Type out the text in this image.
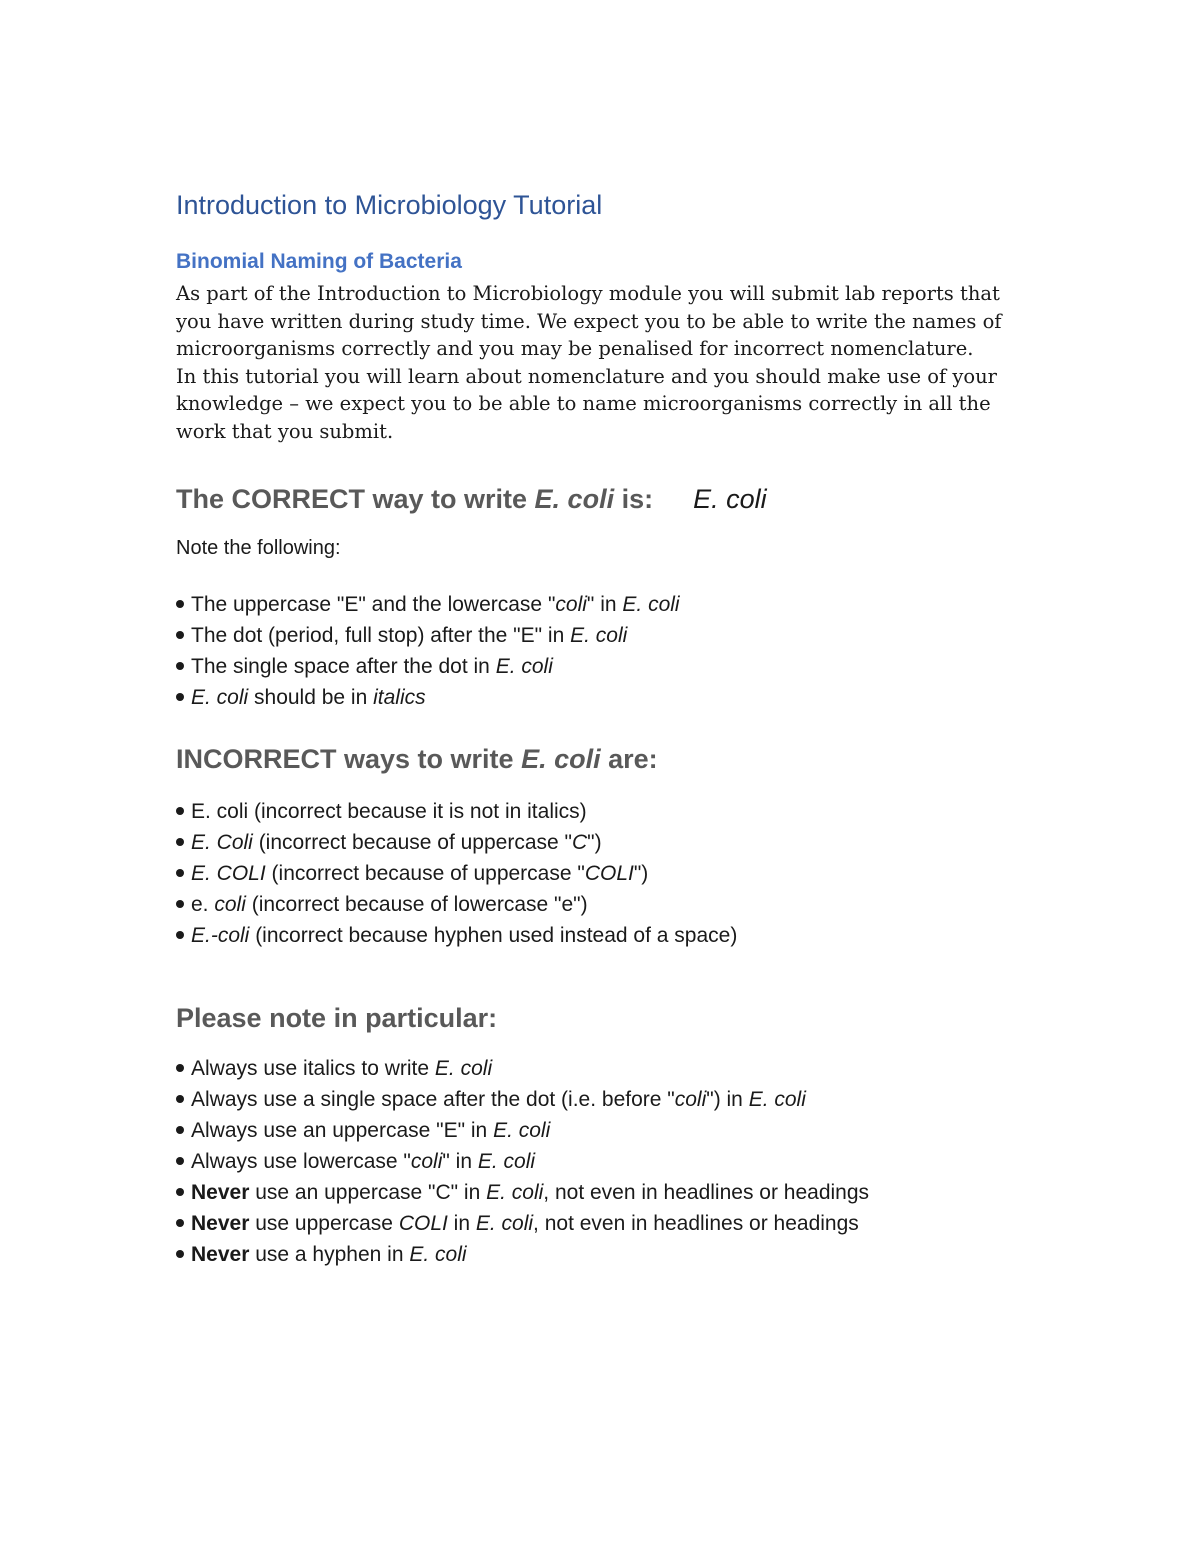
Introduction to Microbiology Tutorial
Binomial Naming of Bacteria

As part of the Introduction to Microbiology module you will submit lab reports that

you have written during study time. We expect you to be able to write the names of

microorganisms correctly and you may be penalised for incorrect nomenclature.

In this tutorial you will learn about nomenclature and you should make use of your

knowledge – we expect you to be able to name microorganisms correctly in all the

work that you submit.

The CORRECT way to write E. coli is: E. coli
Note the following:
The uppercase "E" and the lowercase "coli" in E. coli
The dot (period, full stop) after the "E" in E. coli
The single space after the dot in E. coli
E. coli should be in italics
INCORRECT ways to write E. coli are:
E. coli (incorrect because it is not in italics)
E. Coli (incorrect because of uppercase "C")
E. COLI (incorrect because of uppercase "COLI")
e. coli (incorrect because of lowercase "e")
E.-coli (incorrect because hyphen used instead of a space)
Please note in particular:
Always use italics to write E. coli
Always use a single space after the dot (i.e. before "coli") in E. coli
Always use an uppercase "E" in E. coli
Always use lowercase "coli" in E. coli
Never use an uppercase "C" in E. coli, not even in headlines or headings
Never use uppercase COLI in E. coli, not even in headlines or headings
Never use a hyphen in E. coli
